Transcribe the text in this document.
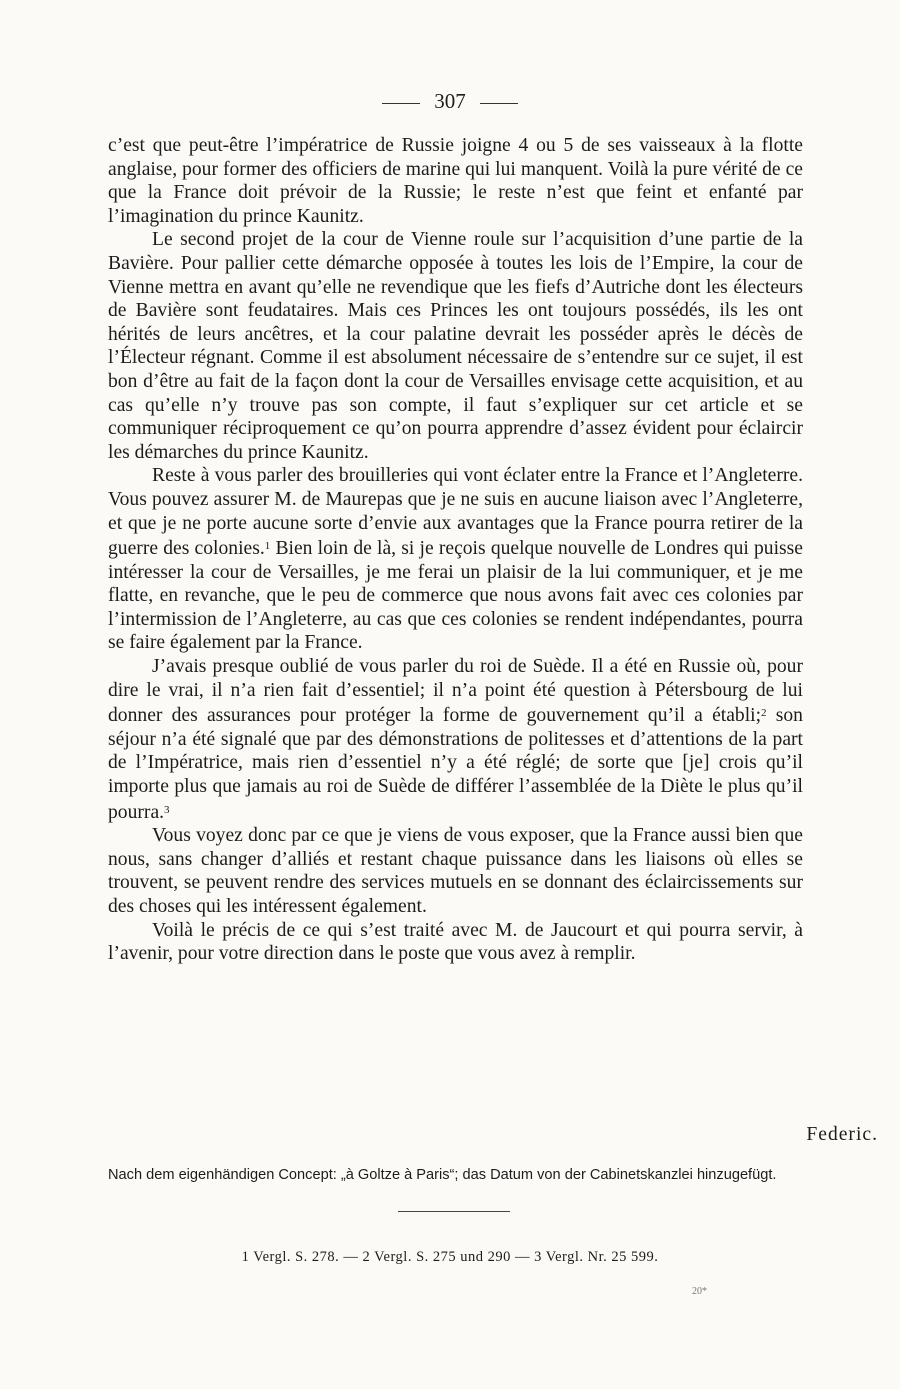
307

c’est que peut-être l’impératrice de Russie joigne 4 ou 5 de ses vaisseaux à la flotte anglaise, pour former des officiers de marine qui lui manquent. Voilà la pure vérité de ce que la France doit prévoir de la Russie; le reste n’est que feint et enfanté par l’imagination du prince Kaunitz.

Le second projet de la cour de Vienne roule sur l’acquisition d’une partie de la Bavière. Pour pallier cette démarche opposée à toutes les lois de l’Empire, la cour de Vienne mettra en avant qu’elle ne revendique que les fiefs d’Autriche dont les électeurs de Bavière sont feudataires. Mais ces Princes les ont toujours possédés, ils les ont hérités de leurs ancêtres, et la cour palatine devrait les posséder après le décès de l’Électeur régnant. Comme il est absolument nécessaire de s’entendre sur ce sujet, il est bon d’être au fait de la façon dont la cour de Versailles envisage cette acquisition, et au cas qu’elle n’y trouve pas son compte, il faut s’expliquer sur cet article et se communiquer réciproquement ce qu’on pourra apprendre d’assez évident pour éclaircir les démarches du prince Kaunitz.

Reste à vous parler des brouilleries qui vont éclater entre la France et l’Angleterre. Vous pouvez assurer M. de Maurepas que je ne suis en aucune liaison avec l’Angleterre, et que je ne porte aucune sorte d’envie aux avantages que la France pourra retirer de la guerre des colonies.$^1$ Bien loin de là, si je reçois quelque nouvelle de Londres qui puisse intéresser la cour de Versailles, je me ferai un plaisir de la lui communiquer, et je me flatte, en revanche, que le peu de commerce que nous avons fait avec ces colonies par l’intermission de l’Angleterre, au cas que ces colonies se rendent indépendantes, pourra se faire également par la France.

J’avais presque oublié de vous parler du roi de Suède. Il a été en Russie où, pour dire le vrai, il n’a rien fait d’essentiel; il n’a point été question à Pétersbourg de lui donner des assurances pour protéger la forme de gouvernement qu’il a établi;$^2$ son séjour n’a été signalé que par des démonstrations de politesses et d’attentions de la part de l’Impératrice, mais rien d’essentiel n’y a été réglé; de sorte que [je] crois qu’il importe plus que jamais au roi de Suède de différer l’assemblée de la Diète le plus qu’il pourra.$^3$

Vous voyez donc par ce que je viens de vous exposer, que la France aussi bien que nous, sans changer d’alliés et restant chaque puissance dans les liaisons où elles se trouvent, se peuvent rendre des services mutuels en se donnant des éclaircissements sur des choses qui les intéressent également.

Voilà le précis de ce qui s’est traité avec M. de Jaucourt et qui pourra servir, à l’avenir, pour votre direction dans le poste que vous avez à remplir.

Federic.
Nach dem eigenhändigen Concept: „à Goltze à Paris“; das Datum von der Cabinetskanzlei hinzugefügt.
1 Vergl. S. 278. — 2 Vergl. S. 275 und 290 — 3 Vergl. Nr. 25 599.
20*
